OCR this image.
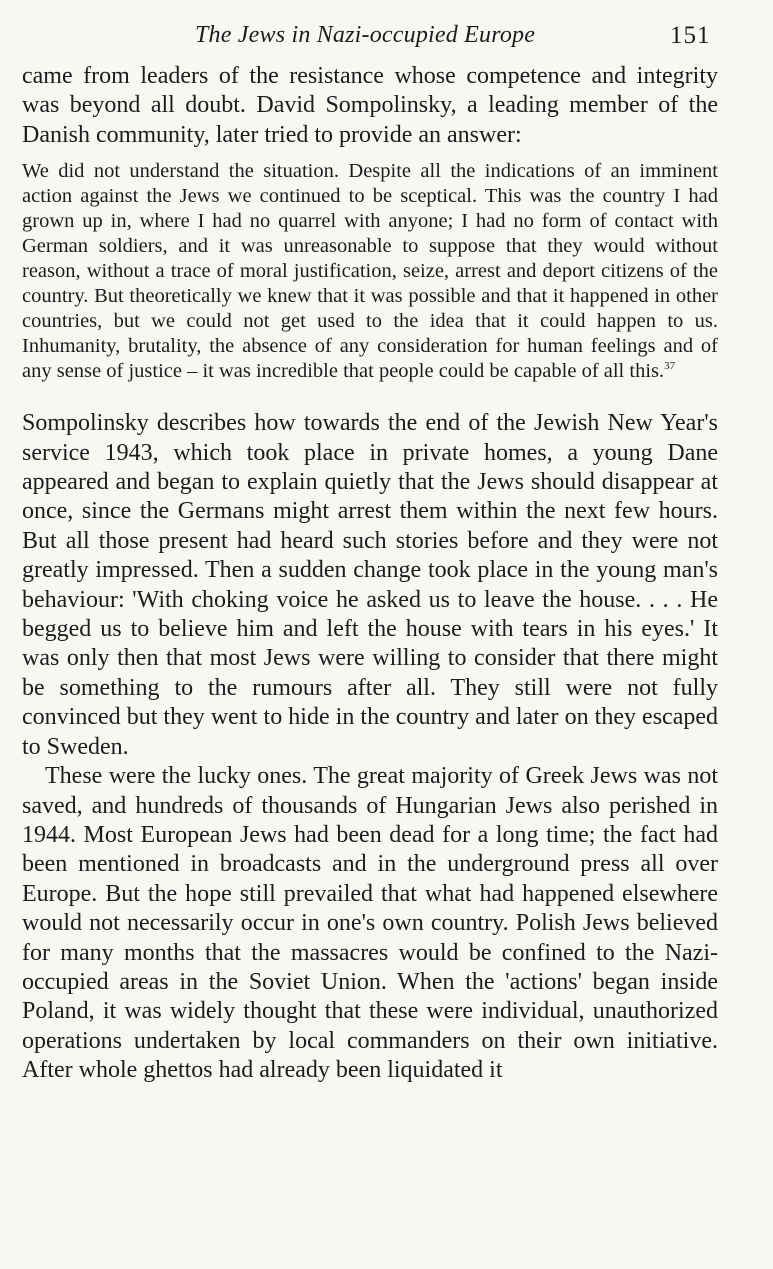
The Jews in Nazi-occupied Europe	151

came from leaders of the resistance whose competence and integrity was beyond all doubt. David Sompolinsky, a leading member of the Danish community, later tried to provide an answer:

We did not understand the situation. Despite all the indications of an imminent action against the Jews we continued to be sceptical. This was the country I had grown up in, where I had no quarrel with anyone; I had no form of contact with German soldiers, and it was unreasonable to suppose that they would without reason, without a trace of moral justification, seize, arrest and deport citizens of the country. But theoretically we knew that it was possible and that it happened in other countries, but we could not get used to the idea that it could happen to us. Inhumanity, brutality, the absence of any consideration for human feelings and of any sense of justice – it was incredible that people could be capable of all this.$^{37}$

Sompolinsky describes how towards the end of the Jewish New Year's service 1943, which took place in private homes, a young Dane appeared and began to explain quietly that the Jews should disappear at once, since the Germans might arrest them within the next few hours. But all those present had heard such stories before and they were not greatly impressed. Then a sudden change took place in the young man's behaviour: 'With choking voice he asked us to leave the house. . . . He begged us to believe him and left the house with tears in his eyes.' It was only then that most Jews were willing to consider that there might be something to the rumours after all. They still were not fully convinced but they went to hide in the country and later on they escaped to Sweden.

These were the lucky ones. The great majority of Greek Jews was not saved, and hundreds of thousands of Hungarian Jews also perished in 1944. Most European Jews had been dead for a long time; the fact had been mentioned in broadcasts and in the underground press all over Europe. But the hope still prevailed that what had happened elsewhere would not necessarily occur in one's own country. Polish Jews believed for many months that the massacres would be confined to the Nazi-occupied areas in the Soviet Union. When the 'actions' began inside Poland, it was widely thought that these were individual, unauthorized operations undertaken by local commanders on their own initiative. After whole ghettos had already been liquidated it
